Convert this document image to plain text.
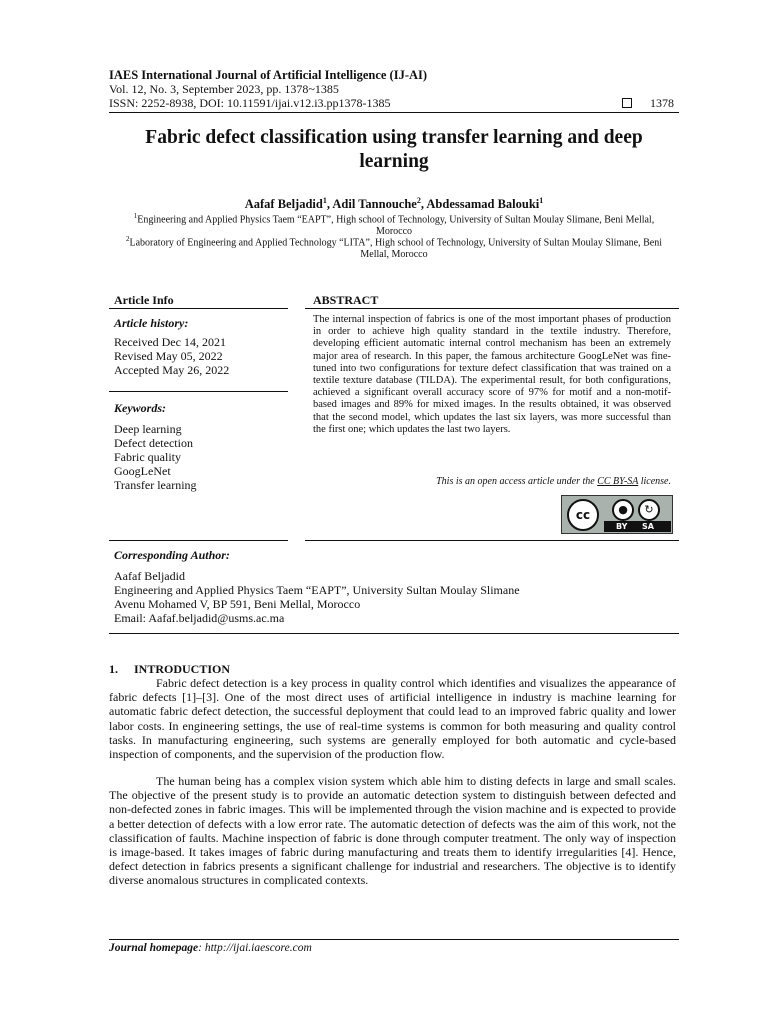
IAES International Journal of Artificial Intelligence (IJ-AI)
Vol. 12, No. 3, September 2023, pp. 1378~1385
ISSN: 2252-8938, DOI: 10.11591/ijai.v12.i3.pp1378-1385	1378
Fabric defect classification using transfer learning and deep learning
Aafaf Beljadid$^1$, Adil Tannouche$^2$, Abdessamad Balouki$^1$
$^1$Engineering and Applied Physics Taem “EAPT”, High school of Technology, University of Sultan Moulay Slimane, Beni Mellal, Morocco
$^2$Laboratory of Engineering and Applied Technology “LITA”, High school of Technology, University of Sultan Moulay Slimane, Beni Mellal, Morocco
Article Info
Article history:
Received Dec 14, 2021
Revised May 05, 2022
Accepted May 26, 2022
Keywords:
Deep learning
Defect detection
Fabric quality
GoogLeNet
Transfer learning
ABSTRACT
The internal inspection of fabrics is one of the most important phases of production in order to achieve high quality standard in the textile industry. Therefore, developing efficient automatic internal control mechanism has been an extremely major area of research. In this paper, the famous architecture GoogLeNet was fine-tuned into two configurations for texture defect classification that was trained on a textile texture database (TILDA). The experimental result, for both configurations, achieved a significant overall accuracy score of 97% for motif and a non-motif-based images and 89% for mixed images. In the results obtained, it was observed that the second model, which updates the last six layers, was more successful than the first one; which updates the last two layers.
This is an open access article under the CC BY-SA license.
cc	●	↻
BY SA
Corresponding Author:
Aafaf Beljadid
Engineering and Applied Physics Taem “EAPT”, University Sultan Moulay Slimane
Avenu Mohamed V, BP 591, Beni Mellal, Morocco
Email: Aafaf.beljadid@usms.ac.ma
1. INTRODUCTION
Fabric defect detection is a key process in quality control which identifies and visualizes the appearance of fabric defects [1]–[3]. One of the most direct uses of artificial intelligence in industry is machine learning for automatic fabric defect detection, the successful deployment that could lead to an improved fabric quality and lower labor costs. In engineering settings, the use of real-time systems is common for both measuring and quality control tasks. In manufacturing engineering, such systems are generally employed for both automatic and cycle-based inspection of components, and the supervision of the production flow.
The human being has a complex vision system which able him to disting defects in large and small scales. The objective of the present study is to provide an automatic detection system to distinguish between defected and non-defected zones in fabric images. This will be implemented through the vision machine and is expected to provide a better detection of defects with a low error rate. The automatic detection of defects was the aim of this work, not the classification of faults. Machine inspection of fabric is done through computer treatment. The only way of inspection is image-based. It takes images of fabric during manufacturing and treats them to identify irregularities [4]. Hence, defect detection in fabrics presents a significant challenge for industrial and researchers. The objective is to identify diverse anomalous structures in complicated contexts.
Journal homepage: http://ijai.iaescore.com
